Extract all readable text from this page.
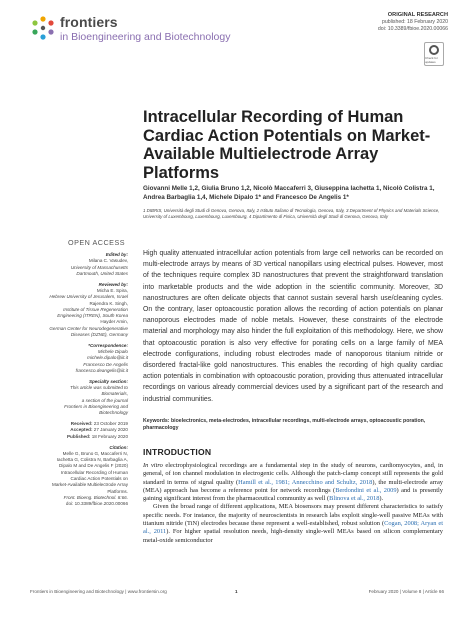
frontiers
in Bioengineering and Biotechnology
ORIGINAL RESEARCH
published: 18 February 2020
doi: 10.3389/fbioe.2020.00066
Check for updates
Intracellular Recording of Human Cardiac Action Potentials on Market-Available Multielectrode Array Platforms
Giovanni Melle 1,2, Giulia Bruno 1,2, Nicolò Maccaferri 3, Giuseppina Iachetta 1, Nicolò Colistra 1, Andrea Barbaglia 1,4, Michele Dipalo 1* and Francesco De Angelis 1*
1 DIBRIS, Università degli Studi di Genova, Genova, Italy, 2 Istituto Italiano di Tecnologia, Genova, Italy, 3 Department of Physics and Materials Science, University of Luxembourg, Luxembourg, Luxembourg, 4 Dipartimento di Fisica, Università degli Studi di Genova, Genova, Italy
OPEN ACCESS
Edited by:
Milana C. Vasudev,
University of Massachusetts
Dartmouth, United States
Reviewed by:
Micha E. Spira,
Hebrew University of Jerusalem, Israel
Rajendra K. Singh,
Institute of Tissue Regeneration
Engineering (ITREN), South Korea
Hayder Amin,
German Center for Neurodegenerative
Diseases (DZNE), Germany
*Correspondence:
Michele Dipalo
michele.dipalo@iit.it
Francesco De Angelis
francesco.deangelis@iit.it
Specialty section:
This article was submitted to
Biomaterials,
a section of the journal
Frontiers in Bioengineering and
Biotechnology
Received: 23 October 2019
Accepted: 27 January 2020
Published: 18 February 2020
Citation:
Melle G, Bruno G, Maccaferri N,
Iachetta G, Colistra N, Barbaglia A,
Dipalo M and De Angelis F (2020)
Intracellular Recording of Human
Cardiac Action Potentials on
Market-Available Multielectrode Array
Platforms.
Front. Bioeng. Biotechnol. 8:66.
doi: 10.3389/fbioe.2020.00066
High quality attenuated intracellular action potentials from large cell networks can be recorded on multi-electrode arrays by means of 3D vertical nanopillars using electrical pulses. However, most of the techniques require complex 3D nanostructures that prevent the straightforward translation into marketable products and the wide adoption in the scientific community. Moreover, 3D nanostructures are often delicate objects that cannot sustain several harsh use/cleaning cycles. On the contrary, laser optoacoustic poration allows the recording of action potentials on planar nanoporous electrodes made of noble metals. However, these constraints of the electrode material and morphology may also hinder the full exploitation of this methodology. Here, we show that optoacoustic poration is also very effective for porating cells on a large family of MEA electrode configurations, including robust electrodes made of nanoporous titanium nitride or disordered fractal-like gold nanostructures. This enables the recording of high quality cardiac action potentials in combination with optoacoustic poration, providing thus attenuated intracellular recordings on various already commercial devices used by a significant part of the research and industrial communities.
Keywords: bioelectronics, meta-electrodes, intracellular recordings, multi-electrode arrays, optoacoustic poration, pharmacology
INTRODUCTION

In vitro electrophysiological recordings are a fundamental step in the study of neurons, cardiomyocytes, and, in general, of ion channel modulation in electrogenic cells. Although the patch-clamp concept still represents the gold standard in terms of signal quality (Hamill et al., 1981; Annecchino and Schultz, 2018), the multi-electrode array (MEA) approach has become a reference point for network recordings (Berdondini et al., 2009) and is presently gaining significant interest from the pharmaceutical community as well (Blinova et al., 2018).

Given the broad range of different applications, MEA biosensors may present different characteristics to satisfy specific needs. For instance, the majority of neuroscientists in research labs exploit single-well passive MEAs with titanium nitride (TiN) electrodes because these represent a well-established, robust solution (Cogan, 2008; Aryan et al., 2011). For higher spatial resolution needs, high-density single-well MEAs based on silicon complementary metal-oxide semiconductor

Frontiers in Bioengineering and Biotechnology | www.frontiersin.org	1	February 2020 | Volume 8 | Article 66
